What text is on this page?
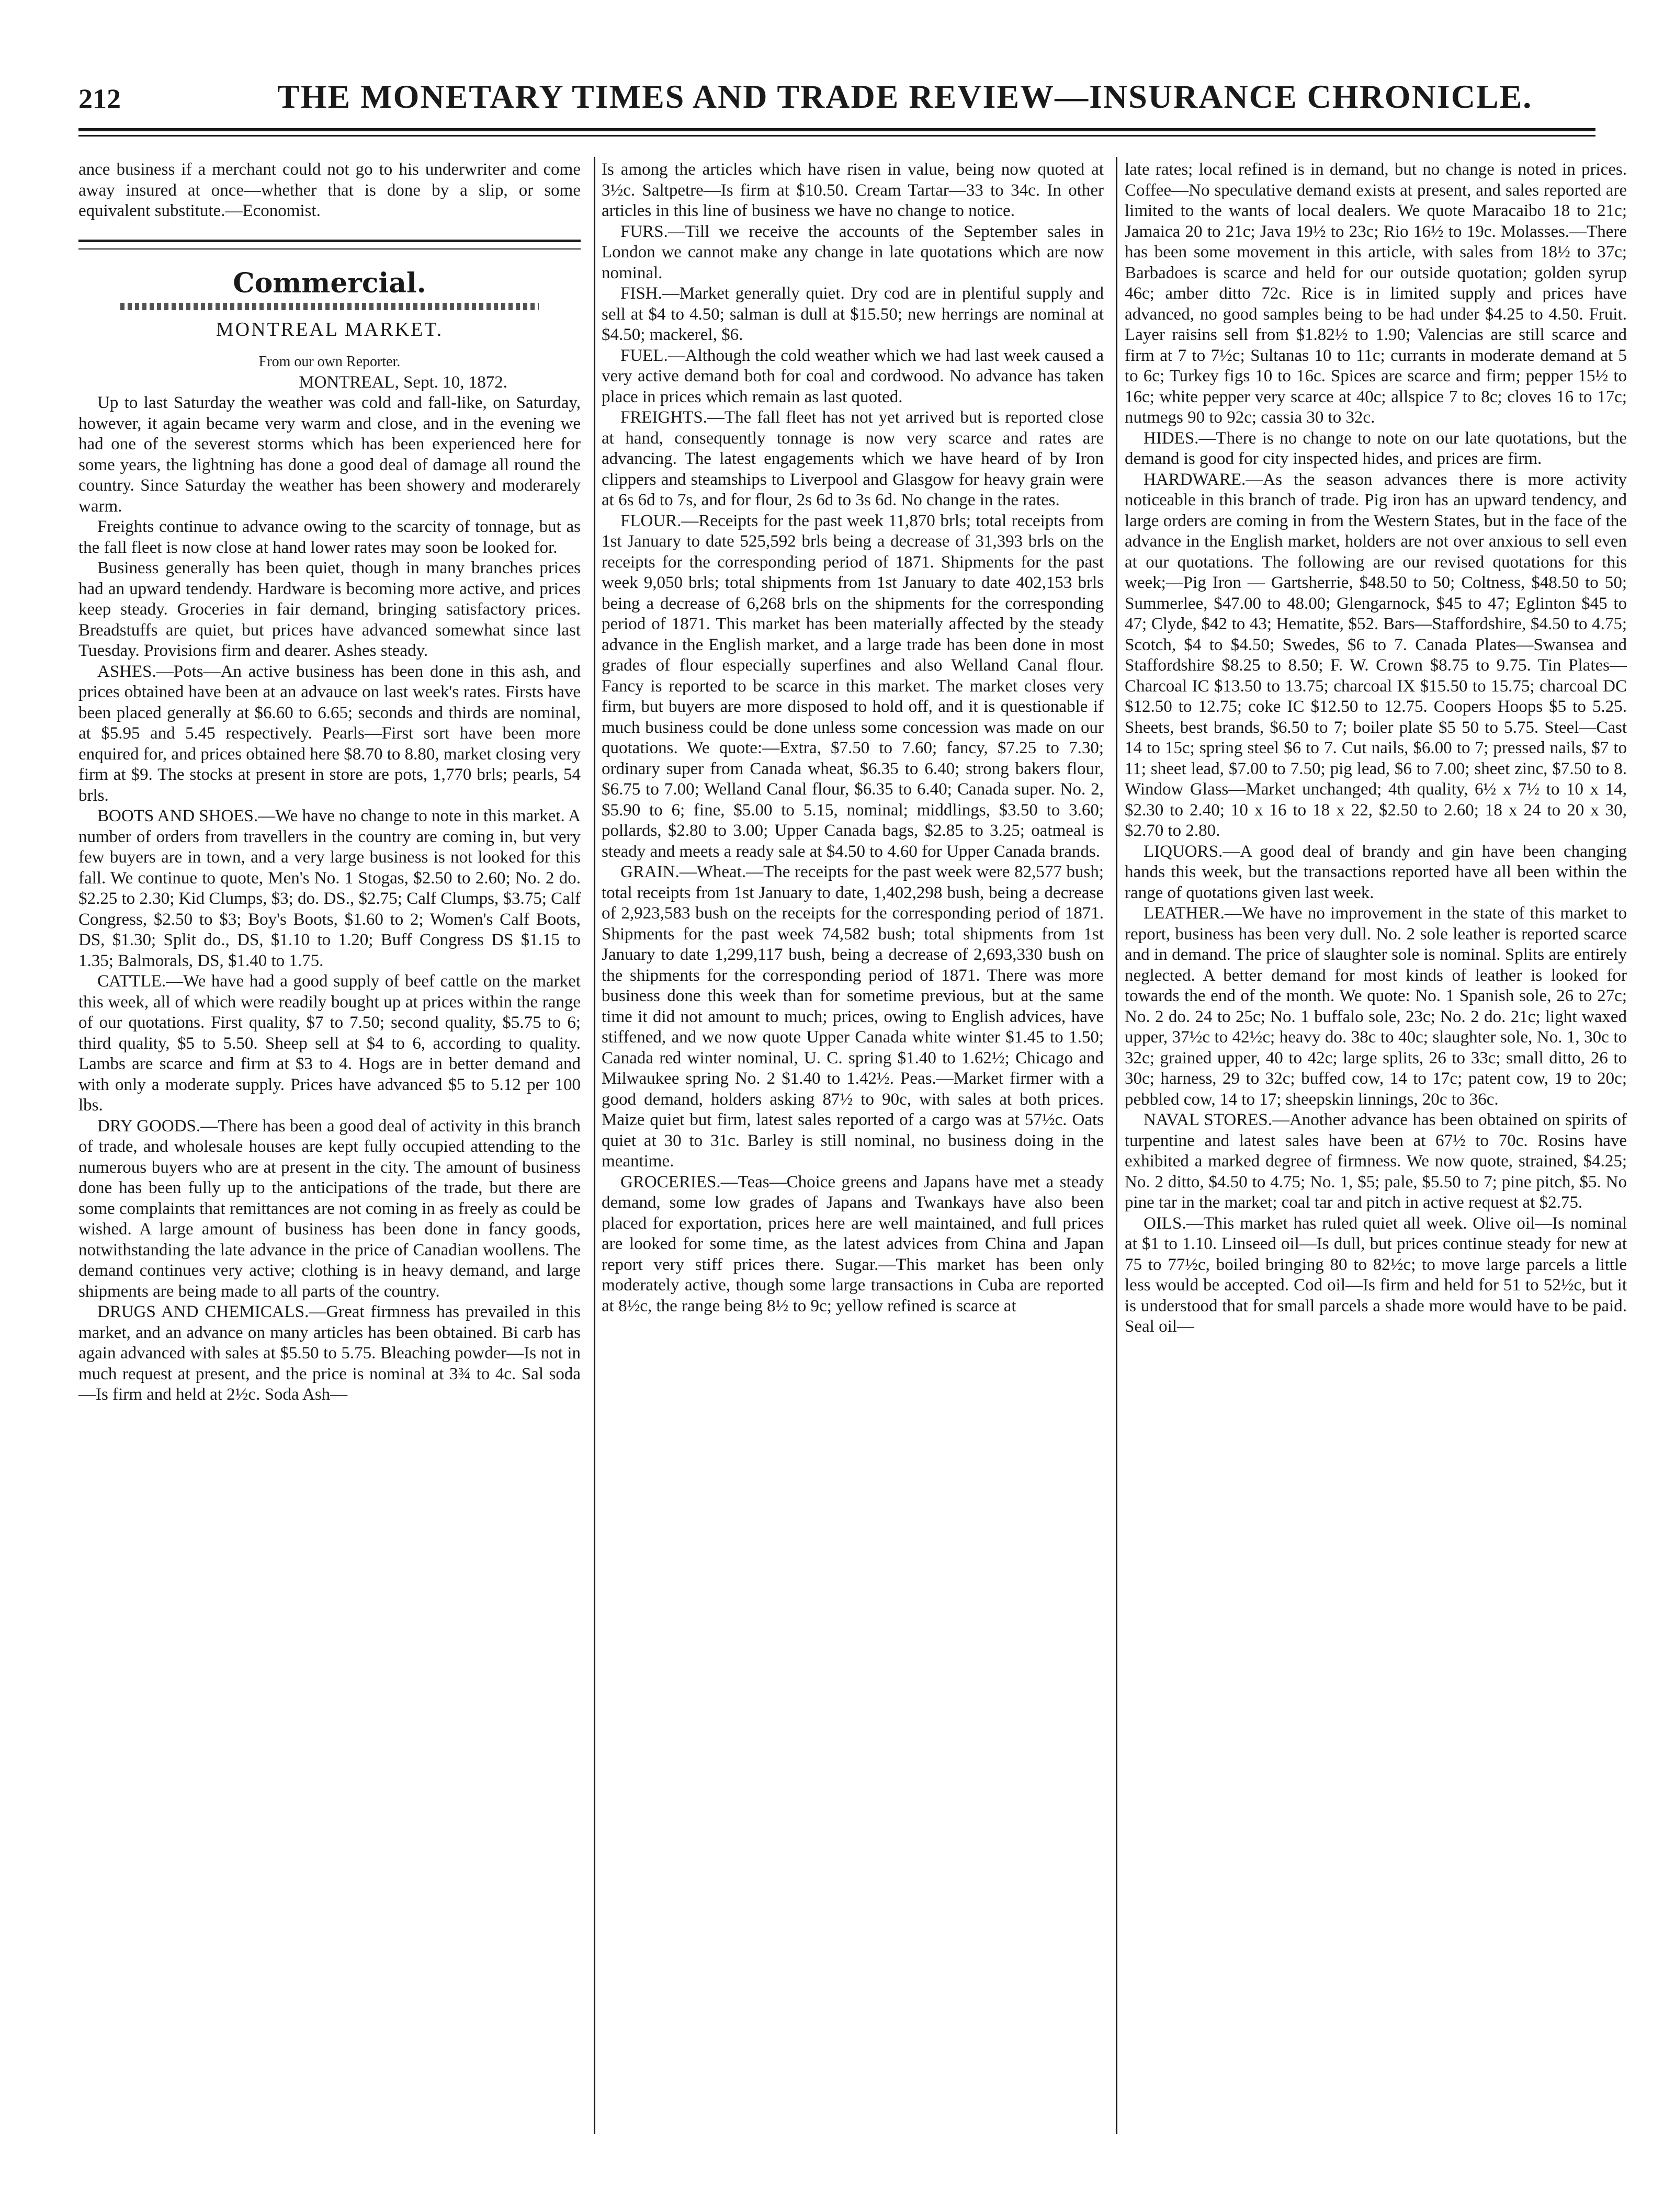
212	THE MONETARY TIMES AND TRADE REVIEW—INSURANCE CHRONICLE.

ance business if a merchant could not go to his underwriter and come away insured at once—whether that is done by a slip, or some equivalent substitute.—Economist.

Commercial.

MONTREAL MARKET.

From our own Reporter.

MONTREAL, Sept. 10, 1872.

Up to last Saturday the weather was cold and fall-like, on Saturday, however, it again became very warm and close, and in the evening we had one of the severest storms which has been experienced here for some years, the lightning has done a good deal of damage all round the country. Since Saturday the weather has been showery and moderarely warm.

Freights continue to advance owing to the scarcity of tonnage, but as the fall fleet is now close at hand lower rates may soon be looked for.

Business generally has been quiet, though in many branches prices had an upward tendendy. Hardware is becoming more active, and prices keep steady. Groceries in fair demand, bringing satisfactory prices. Breadstuffs are quiet, but prices have advanced somewhat since last Tuesday. Provisions firm and dearer. Ashes steady.

ASHES.—Pots—An active business has been done in this ash, and prices obtained have been at an advauce on last week's rates. Firsts have been placed generally at $6.60 to 6.65; seconds and thirds are nominal, at $5.95 and 5.45 respectively. Pearls—First sort have been more enquired for, and prices obtained here $8.70 to 8.80, market closing very firm at $9. The stocks at present in store are pots, 1,770 brls; pearls, 54 brls.

BOOTS AND SHOES.—We have no change to note in this market. A number of orders from travellers in the country are coming in, but very few buyers are in town, and a very large business is not looked for this fall. We continue to quote, Men's No. 1 Stogas, $2.50 to 2.60; No. 2 do. $2.25 to 2.30; Kid Clumps, $3; do. DS., $2.75; Calf Clumps, $3.75; Calf Congress, $2.50 to $3; Boy's Boots, $1.60 to 2; Women's Calf Boots, DS, $1.30; Split do., DS, $1.10 to 1.20; Buff Congress DS $1.15 to 1.35; Balmorals, DS, $1.40 to 1.75.

CATTLE.—We have had a good supply of beef cattle on the market this week, all of which were readily bought up at prices within the range of our quotations. First quality, $7 to 7.50; second quality, $5.75 to 6; third quality, $5 to 5.50. Sheep sell at $4 to 6, according to quality. Lambs are scarce and firm at $3 to 4. Hogs are in better demand and with only a moderate supply. Prices have advanced $5 to 5.12 per 100 lbs.

DRY GOODS.—There has been a good deal of activity in this branch of trade, and wholesale houses are kept fully occupied attending to the numerous buyers who are at present in the city. The amount of business done has been fully up to the anticipations of the trade, but there are some complaints that remittances are not coming in as freely as could be wished. A large amount of business has been done in fancy goods, notwithstanding the late advance in the price of Canadian woollens. The demand continues very active; clothing is in heavy demand, and large shipments are being made to all parts of the country.

DRUGS AND CHEMICALS.—Great firmness has prevailed in this market, and an advance on many articles has been obtained. Bi carb has again advanced with sales at $5.50 to 5.75. Bleaching powder—Is not in much request at present, and the price is nominal at 3¾ to 4c. Sal soda—Is firm and held at 2½c. Soda Ash—

Is among the articles which have risen in value, being now quoted at 3½c. Saltpetre—Is firm at $10.50. Cream Tartar—33 to 34c. In other articles in this line of business we have no change to notice.

FURS.—Till we receive the accounts of the September sales in London we cannot make any change in late quotations which are now nominal.

FISH.—Market generally quiet. Dry cod are in plentiful supply and sell at $4 to 4.50; salman is dull at $15.50; new herrings are nominal at $4.50; mackerel, $6.

FUEL.—Although the cold weather which we had last week caused a very active demand both for coal and cordwood. No advance has taken place in prices which remain as last quoted.

FREIGHTS.—The fall fleet has not yet arrived but is reported close at hand, consequently tonnage is now very scarce and rates are advancing. The latest engagements which we have heard of by Iron clippers and steamships to Liverpool and Glasgow for heavy grain were at 6s 6d to 7s, and for flour, 2s 6d to 3s 6d. No change in the rates.

FLOUR.—Receipts for the past week 11,870 brls; total receipts from 1st January to date 525,592 brls being a decrease of 31,393 brls on the receipts for the corresponding period of 1871. Shipments for the past week 9,050 brls; total shipments from 1st January to date 402,153 brls being a decrease of 6,268 brls on the shipments for the corresponding period of 1871. This market has been materially affected by the steady advance in the English market, and a large trade has been done in most grades of flour especially superfines and also Welland Canal flour. Fancy is reported to be scarce in this market. The market closes very firm, but buyers are more disposed to hold off, and it is questionable if much business could be done unless some concession was made on our quotations. We quote:—Extra, $7.50 to 7.60; fancy, $7.25 to 7.30; ordinary super from Canada wheat, $6.35 to 6.40; strong bakers flour, $6.75 to 7.00; Welland Canal flour, $6.35 to 6.40; Canada super. No. 2, $5.90 to 6; fine, $5.00 to 5.15, nominal; middlings, $3.50 to 3.60; pollards, $2.80 to 3.00; Upper Canada bags, $2.85 to 3.25; oatmeal is steady and meets a ready sale at $4.50 to 4.60 for Upper Canada brands.

GRAIN.—Wheat.—The receipts for the past week were 82,577 bush; total receipts from 1st January to date, 1,402,298 bush, being a decrease of 2,923,583 bush on the receipts for the corresponding period of 1871. Shipments for the past week 74,582 bush; total shipments from 1st January to date 1,299,117 bush, being a decrease of 2,693,330 bush on the shipments for the corresponding period of 1871. There was more business done this week than for sometime previous, but at the same time it did not amount to much; prices, owing to English advices, have stiffened, and we now quote Upper Canada white winter $1.45 to 1.50; Canada red winter nominal, U. C. spring $1.40 to 1.62½; Chicago and Milwaukee spring No. 2 $1.40 to 1.42½. Peas.—Market firmer with a good demand, holders asking 87½ to 90c, with sales at both prices. Maize quiet but firm, latest sales reported of a cargo was at 57½c. Oats quiet at 30 to 31c. Barley is still nominal, no business doing in the meantime.

GROCERIES.—Teas—Choice greens and Japans have met a steady demand, some low grades of Japans and Twankays have also been placed for exportation, prices here are well maintained, and full prices are looked for some time, as the latest advices from China and Japan report very stiff prices there. Sugar.—This market has been only moderately active, though some large transactions in Cuba are reported at 8½c, the range being 8½ to 9c; yellow refined is scarce at

late rates; local refined is in demand, but no change is noted in prices. Coffee—No speculative demand exists at present, and sales reported are limited to the wants of local dealers. We quote Maracaibo 18 to 21c; Jamaica 20 to 21c; Java 19½ to 23c; Rio 16½ to 19c. Molasses.—There has been some movement in this article, with sales from 18½ to 37c; Barbadoes is scarce and held for our outside quotation; golden syrup 46c; amber ditto 72c. Rice is in limited supply and prices have advanced, no good samples being to be had under $4.25 to 4.50. Fruit. Layer raisins sell from $1.82½ to 1.90; Valencias are still scarce and firm at 7 to 7½c; Sultanas 10 to 11c; currants in moderate demand at 5 to 6c; Turkey figs 10 to 16c. Spices are scarce and firm; pepper 15½ to 16c; white pepper very scarce at 40c; allspice 7 to 8c; cloves 16 to 17c; nutmegs 90 to 92c; cassia 30 to 32c.

HIDES.—There is no change to note on our late quotations, but the demand is good for city inspected hides, and prices are firm.

HARDWARE.—As the season advances there is more activity noticeable in this branch of trade. Pig iron has an upward tendency, and large orders are coming in from the Western States, but in the face of the advance in the English market, holders are not over anxious to sell even at our quotations. The following are our revised quotations for this week;—Pig Iron — Gartsherrie, $48.50 to 50; Coltness, $48.50 to 50; Summerlee, $47.00 to 48.00; Glengarnock, $45 to 47; Eglinton $45 to 47; Clyde, $42 to 43; Hematite, $52. Bars—Staffordshire, $4.50 to 4.75; Scotch, $4 to $4.50; Swedes, $6 to 7. Canada Plates—Swansea and Staffordshire $8.25 to 8.50; F. W. Crown $8.75 to 9.75. Tin Plates—Charcoal IC $13.50 to 13.75; charcoal IX $15.50 to 15.75; charcoal DC $12.50 to 12.75; coke IC $12.50 to 12.75. Coopers Hoops $5 to 5.25. Sheets, best brands, $6.50 to 7; boiler plate $5 50 to 5.75. Steel—Cast 14 to 15c; spring steel $6 to 7. Cut nails, $6.00 to 7; pressed nails, $7 to 11; sheet lead, $7.00 to 7.50; pig lead, $6 to 7.00; sheet zinc, $7.50 to 8. Window Glass—Market unchanged; 4th quality, 6½ x 7½ to 10 x 14, $2.30 to 2.40; 10 x 16 to 18 x 22, $2.50 to 2.60; 18 x 24 to 20 x 30, $2.70 to 2.80.

LIQUORS.—A good deal of brandy and gin have been changing hands this week, but the transactions reported have all been within the range of quotations given last week.

LEATHER.—We have no improvement in the state of this market to report, business has been very dull. No. 2 sole leather is reported scarce and in demand. The price of slaughter sole is nominal. Splits are entirely neglected. A better demand for most kinds of leather is looked for towards the end of the month. We quote: No. 1 Spanish sole, 26 to 27c; No. 2 do. 24 to 25c; No. 1 buffalo sole, 23c; No. 2 do. 21c; light waxed upper, 37½c to 42½c; heavy do. 38c to 40c; slaughter sole, No. 1, 30c to 32c; grained upper, 40 to 42c; large splits, 26 to 33c; small ditto, 26 to 30c; harness, 29 to 32c; buffed cow, 14 to 17c; patent cow, 19 to 20c; pebbled cow, 14 to 17; sheepskin linnings, 20c to 36c.

NAVAL STORES.—Another advance has been obtained on spirits of turpentine and latest sales have been at 67½ to 70c. Rosins have exhibited a marked degree of firmness. We now quote, strained, $4.25; No. 2 ditto, $4.50 to 4.75; No. 1, $5; pale, $5.50 to 7; pine pitch, $5. No pine tar in the market; coal tar and pitch in active request at $2.75.

OILS.—This market has ruled quiet all week. Olive oil—Is nominal at $1 to 1.10. Linseed oil—Is dull, but prices continue steady for new at 75 to 77½c, boiled bringing 80 to 82½c; to move large parcels a little less would be accepted. Cod oil—Is firm and held for 51 to 52½c, but it is understood that for small parcels a shade more would have to be paid. Seal oil—
